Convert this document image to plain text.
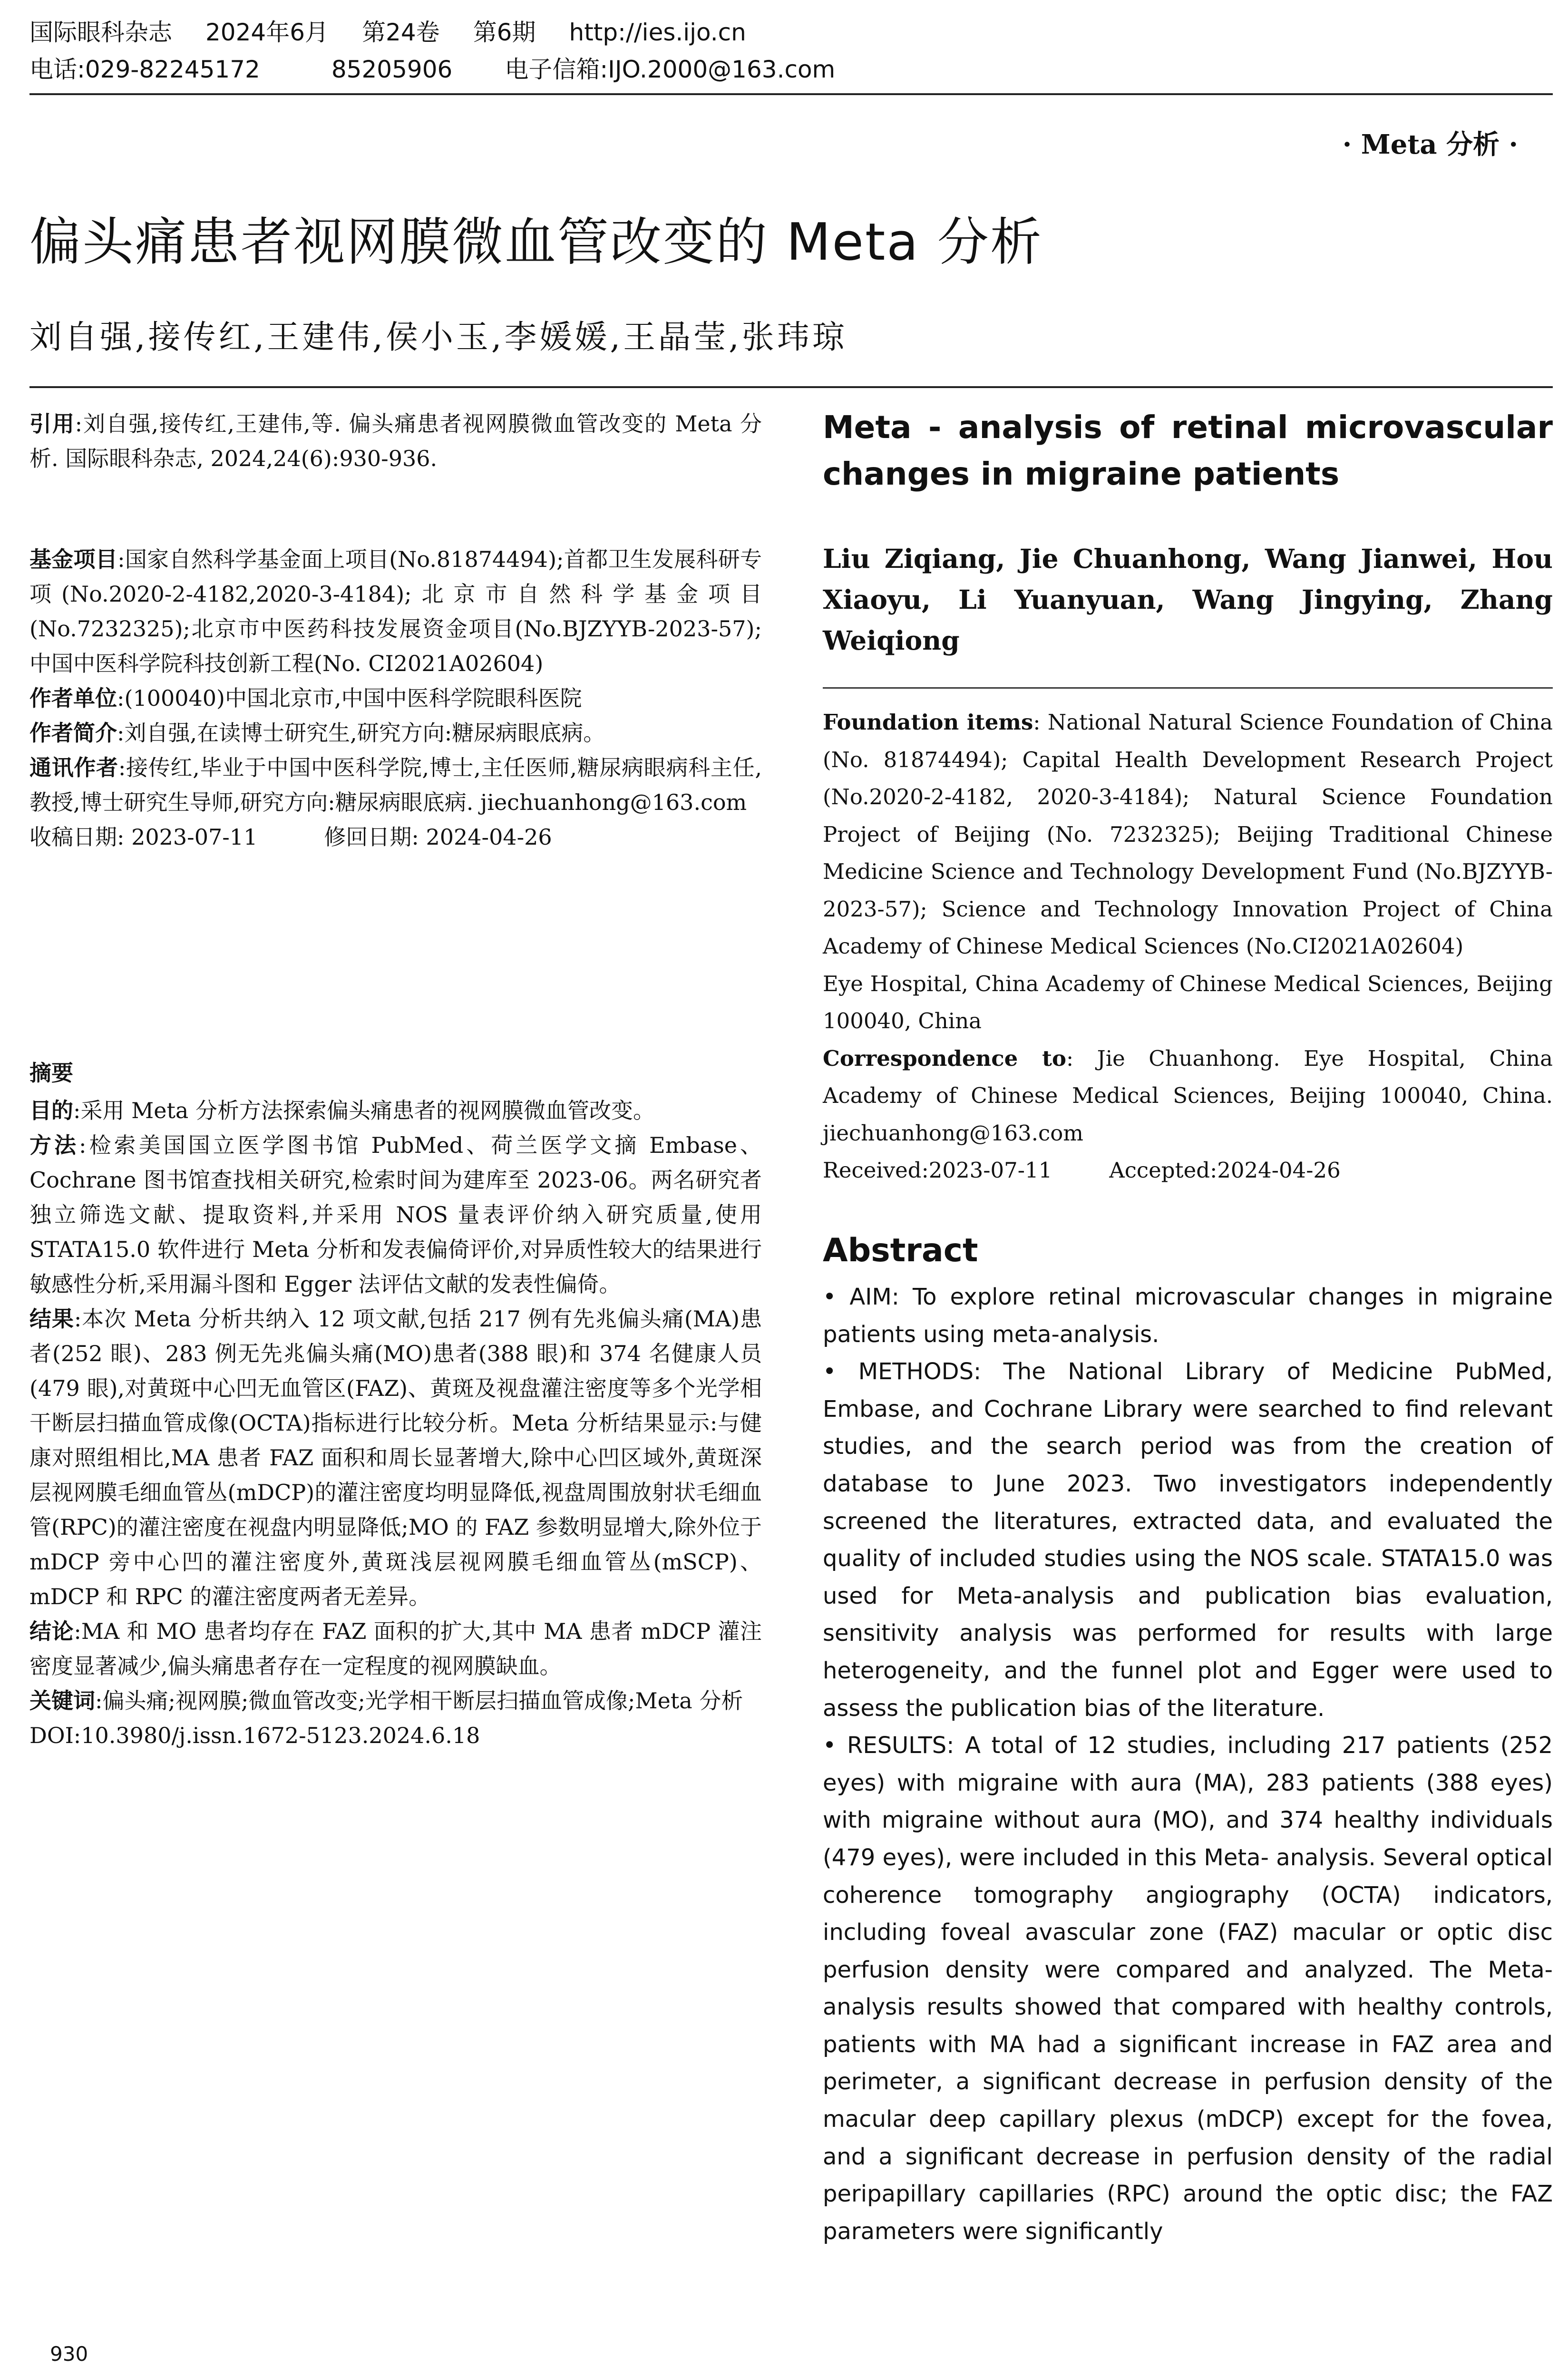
国际眼科杂志 2024年6月 第24卷 第6期 http://ies.ijo.cn
电话:029-82245172	85205906 电子信箱:IJO.2000@163.com
· Meta 分析 ·
偏头痛患者视网膜微血管改变的 Meta 分析
刘自强,接传红,王建伟,侯小玉,李媛媛,王晶莹,张玮琼

引用:刘自强,接传红,王建伟,等. 偏头痛患者视网膜微血管改变的 Meta 分析. 国际眼科杂志, 2024,24(6):930-936.

基金项目:国家自然科学基金面上项目(No.81874494);首都卫生发展科研专项(No.2020-2-4182,2020-3-4184);北京市自然科学基金项目(No.7232325);北京市中医药科技发展资金项目(No.BJZYYB-2023-57);中国中医科学院科技创新工程(No. CI2021A02604)

作者单位:(100040)中国北京市,中国中医科学院眼科医院

作者简介:刘自强,在读博士研究生,研究方向:糖尿病眼底病。

通讯作者:接传红,毕业于中国中医科学院,博士,主任医师,糖尿病眼病科主任,教授,博士研究生导师,研究方向:糖尿病眼底病. jiechuanhong@163.com

收稿日期: 2023-07-11	修回日期: 2024-04-26

摘要

目的:采用 Meta 分析方法探索偏头痛患者的视网膜微血管改变。

方法:检索美国国立医学图书馆 PubMed、荷兰医学文摘 Embase、Cochrane 图书馆查找相关研究,检索时间为建库至 2023-06。两名研究者独立筛选文献、提取资料,并采用 NOS 量表评价纳入研究质量,使用 STATA15.0 软件进行 Meta 分析和发表偏倚评价,对异质性较大的结果进行敏感性分析,采用漏斗图和 Egger 法评估文献的发表性偏倚。

结果:本次 Meta 分析共纳入 12 项文献,包括 217 例有先兆偏头痛(MA)患者(252 眼)、283 例无先兆偏头痛(MO)患者(388 眼)和 374 名健康人员(479 眼),对黄斑中心凹无血管区(FAZ)、黄斑及视盘灌注密度等多个光学相干断层扫描血管成像(OCTA)指标进行比较分析。Meta 分析结果显示:与健康对照组相比,MA 患者 FAZ 面积和周长显著增大,除中心凹区域外,黄斑深层视网膜毛细血管丛(mDCP)的灌注密度均明显降低,视盘周围放射状毛细血管(RPC)的灌注密度在视盘内明显降低;MO 的 FAZ 参数明显增大,除外位于 mDCP 旁中心凹的灌注密度外,黄斑浅层视网膜毛细血管丛(mSCP)、mDCP 和 RPC 的灌注密度两者无差异。

结论:MA 和 MO 患者均存在 FAZ 面积的扩大,其中 MA 患者 mDCP 灌注密度显著减少,偏头痛患者存在一定程度的视网膜缺血。

关键词:偏头痛;视网膜;微血管改变;光学相干断层扫描血管成像;Meta 分析

DOI:10.3980/j.issn.1672-5123.2024.6.18

Meta - analysis of retinal microvascular changes in migraine patients
Liu Ziqiang, Jie Chuanhong, Wang Jianwei, Hou Xiaoyu, Li Yuanyuan, Wang Jingying, Zhang Weiqiong
Foundation items: National Natural Science Foundation of China (No. 81874494); Capital Health Development Research Project (No.2020-2-4182, 2020-3-4184); Natural Science Foundation Project of Beijing (No. 7232325); Beijing Traditional Chinese Medicine Science and Technology Development Fund (No.BJZYYB-2023-57); Science and Technology Innovation Project of China Academy of Chinese Medical Sciences (No.CI2021A02604)
Eye Hospital, China Academy of Chinese Medical Sciences, Beijing 100040, China
Correspondence to: Jie Chuanhong. Eye Hospital, China Academy of Chinese Medical Sciences, Beijing 100040, China. jiechuanhong@163.com
Received:2023-07-11	Accepted:2024-04-26
Abstract

• AIM: To explore retinal microvascular changes in migraine patients using meta-analysis.

• METHODS: The National Library of Medicine PubMed, Embase, and Cochrane Library were searched to find relevant studies, and the search period was from the creation of database to June 2023. Two investigators independently screened the literatures, extracted data, and evaluated the quality of included studies using the NOS scale. STATA15.0 was used for Meta-analysis and publication bias evaluation, sensitivity analysis was performed for results with large heterogeneity, and the funnel plot and Egger were used to assess the publication bias of the literature.

• RESULTS: A total of 12 studies, including 217 patients (252 eyes) with migraine with aura (MA), 283 patients (388 eyes) with migraine without aura (MO), and 374 healthy individuals (479 eyes), were included in this Meta- analysis. Several optical coherence tomography angiography (OCTA) indicators, including foveal avascular zone (FAZ) macular or optic disc perfusion density were compared and analyzed. The Meta-analysis results showed that compared with healthy controls, patients with MA had a significant increase in FAZ area and perimeter, a significant decrease in perfusion density of the macular deep capillary plexus (mDCP) except for the fovea, and a significant decrease in perfusion density of the radial peripapillary capillaries (RPC) around the optic disc; the FAZ parameters were significantly

930
